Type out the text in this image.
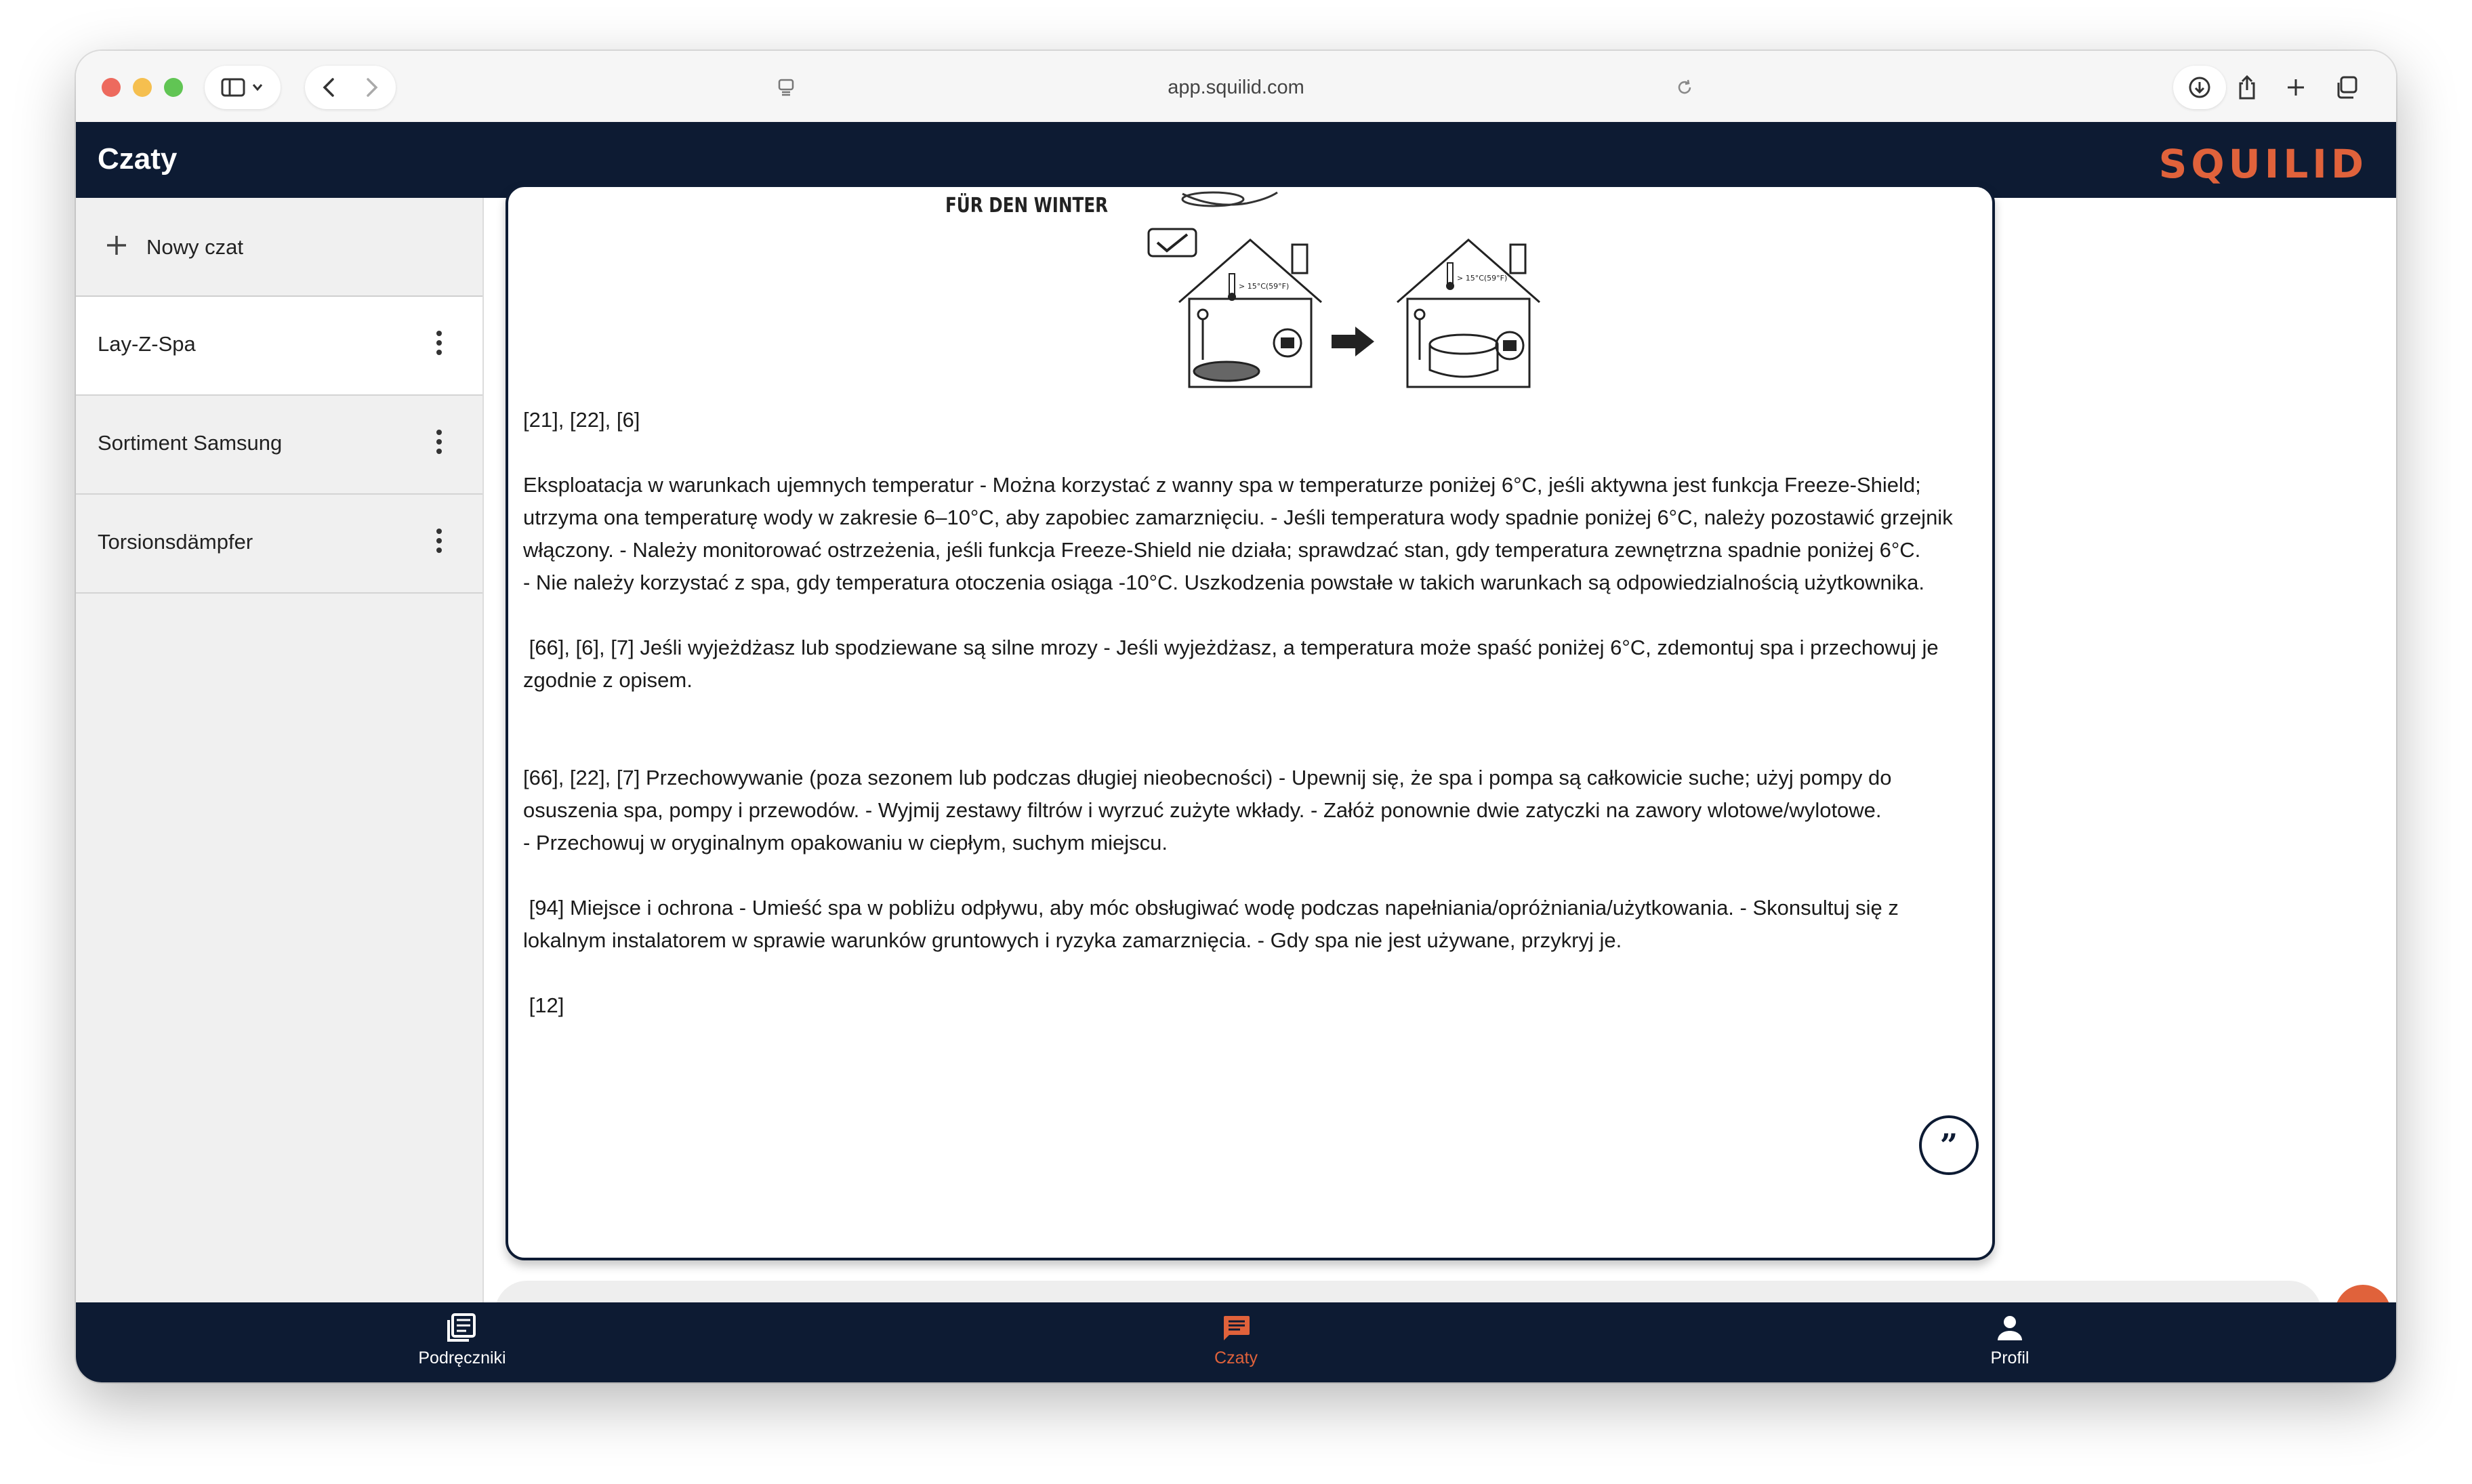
app.squilid.com
Czaty	SQUILID
Nowy czat
Lay-Z-Spa
Sortiment Samsung
Torsionsdämpfer
> 15°C(59°F)
> 15°C(59°F)
FÜR DEN WINTER

[21], [22], [6]

Eksploatacja w warunkach ujemnych temperatur - Można korzystać z wanny spa w temperaturze poniżej 6°C, jeśli aktywna jest funkcja Freeze-Shield; utrzyma ona temperaturę wody w zakresie 6–10°C, aby zapobiec zamarznięciu. - Jeśli temperatura wody spadnie poniżej 6°C, należy pozostawić grzejnik włączony. - Należy monitorować ostrzeżenia, jeśli funkcja Freeze-Shield nie działa; sprawdzać stan, gdy temperatura zewnętrzna spadnie poniżej 6°C.

- Nie należy korzystać z spa, gdy temperatura otoczenia osiąga -10°C. Uszkodzenia powstałe w takich warunkach są odpowiedzialnością użytkownika.

[66], [6], [7] Jeśli wyjeżdżasz lub spodziewane są silne mrozy - Jeśli wyjeżdżasz, a temperatura może spaść poniżej 6°C, zdemontuj spa i przechowuj je zgodnie z opisem.

[66], [22], [7] Przechowywanie (poza sezonem lub podczas długiej nieobecności) - Upewnij się, że spa i pompa są całkowicie suche; użyj pompy do osuszenia spa, pompy i przewodów. - Wyjmij zestawy filtrów i wyrzuć zużyte wkłady. - Załóż ponownie dwie zatyczki na zawory wlotowe/wylotowe.

- Przechowuj w oryginalnym opakowaniu w ciepłym, suchym miejscu.

[94] Miejsce i ochrona - Umieść spa w pobliżu odpływu, aby móc obsługiwać wodę podczas napełniania/opróżniania/użytkowania. - Skonsultuj się z lokalnym instalatorem w sprawie warunków gruntowych i ryzyka zamarznięcia. - Gdy spa nie jest używane, przykryj je.

[12]

”
Podręczniki	Czaty	Profil
